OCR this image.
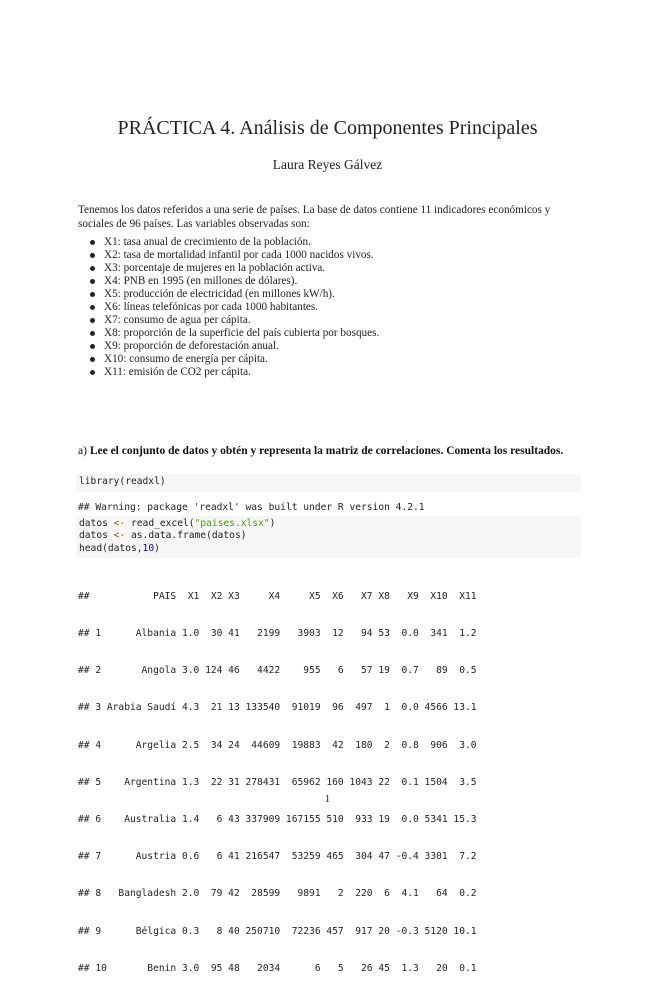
PRÁCTICA 4. Análisis de Componentes Principales
Laura Reyes Gálvez
Tenemos los datos referidos a una serie de países. La base de datos contiene 11 indicadores económicos y sociales de 96 países. Las variables observadas son:
X1: tasa anual de crecimiento de la población.
X2: tasa de mortalidad infantil por cada 1000 nacidos vivos.
X3: porcentaje de mujeres en la población activa.
X4: PNB en 1995 (en millones de dólares).
X5: producción de electricidad (en millones kW/h).
X6: líneas telefónicas por cada 1000 habitantes.
X7: consumo de agua per cápita.
X8: proporción de la superficie del país cubierta por bosques.
X9: proporción de deforestación anual.
X10: consumo de energía per cápita.
X11: emisión de CO2 per cápita.
a) Lee el conjunto de datos y obtén y representa la matriz de correlaciones. Comenta los resultados.
library(readxl)
## Warning: package 'readxl' was built under R version 4.2.1
datos <- read_excel("paises.xlsx")
datos <- as.data.frame(datos)
head(datos,10)

##           PAIS  X1  X2 X3     X4     X5  X6   X7 X8   X9  X10  X11

## 1      Albania 1.0  30 41   2199   3903  12   94 53  0.0  341  1.2

## 2       Angola 3.0 124 46   4422    955   6   57 19  0.7   89  0.5

## 3 Arabia Saudí 4.3  21 13 133540  91019  96  497  1  0.0 4566 13.1

## 4      Argelia 2.5  34 24  44609  19883  42  180  2  0.8  906  3.0

## 5    Argentina 1.3  22 31 278431  65962 160 1043 22  0.1 1504  3.5

## 6    Australia 1.4   6 43 337909 167155 510  933 19  0.0 5341 15.3

## 7      Austria 0.6   6 41 216547  53259 465  304 47 -0.4 3301  7.2

## 8   Bangladesh 2.0  79 42  28599   9891   2  220  6  4.1   64  0.2

## 9      Bélgica 0.3   8 40 250710  72236 457  917 20 -0.3 5120 10.1

## 10       Benin 3.0  95 48   2034      6   5   26 45  1.3   20  0.1

1
